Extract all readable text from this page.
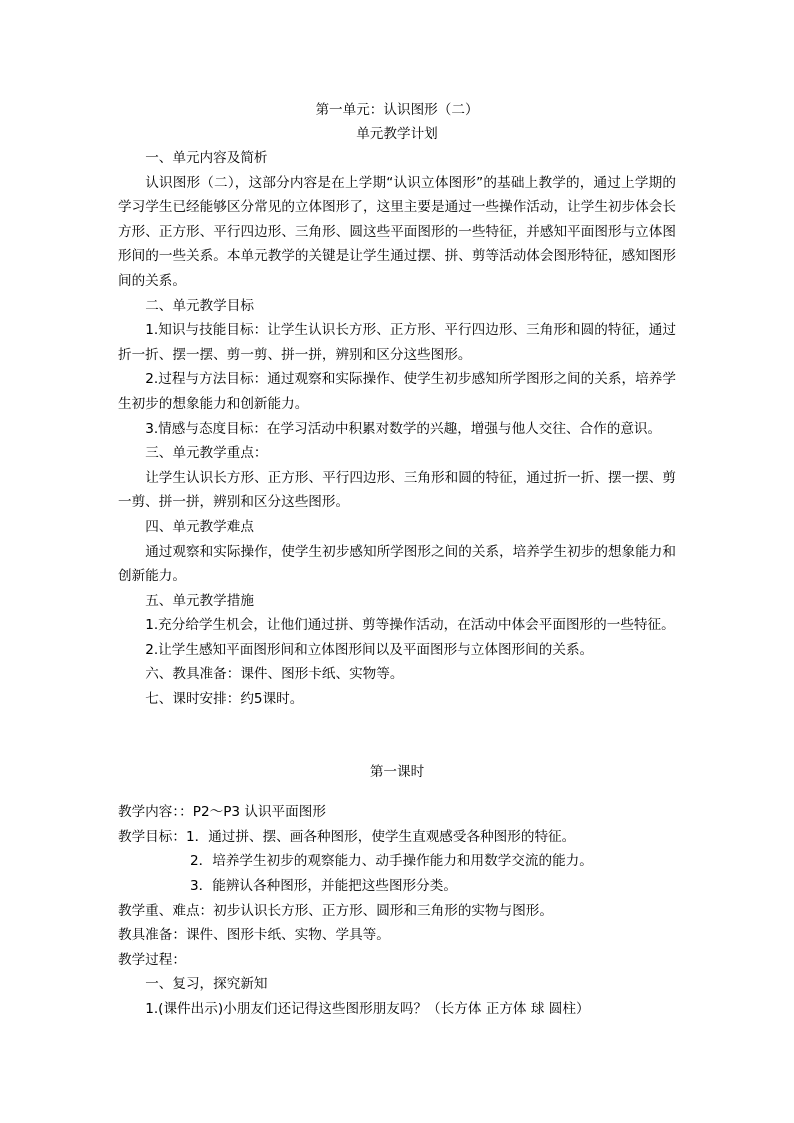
第一单元：认识图形（二）
单元教学计划

一、单元内容及简析

认识图形（二），这部分内容是在上学期“认识立体图形”的基础上教学的，通过上学期的学习学生已经能够区分常见的立体图形了，这里主要是通过一些操作活动，让学生初步体会长方形、正方形、平行四边形、三角形、圆这些平面图形的一些特征，并感知平面图形与立体图形间的一些关系。本单元教学的关键是让学生通过摆、拼、剪等活动体会图形特征，感知图形间的关系。

二、单元教学目标

1.知识与技能目标：让学生认识长方形、正方形、平行四边形、三角形和圆的特征，通过折一折、摆一摆、剪一剪、拼一拼，辨别和区分这些图形。

2.过程与方法目标：通过观察和实际操作、使学生初步感知所学图形之间的关系，培养学生初步的想象能力和创新能力。

3.情感与态度目标：在学习活动中积累对数学的兴趣，增强与他人交往、合作的意识。

三、单元教学重点：

让学生认识长方形、正方形、平行四边形、三角形和圆的特征，通过折一折、摆一摆、剪一剪、拼一拼，辨别和区分这些图形。

四、单元教学难点

通过观察和实际操作，使学生初步感知所学图形之间的关系，培养学生初步的想象能力和创新能力。

五、单元教学措施

1.充分给学生机会，让他们通过拼、剪等操作活动，在活动中体会平面图形的一些特征。

2.让学生感知平面图形间和立体图形间以及平面图形与立体图形间的关系。

六、教具准备：课件、图形卡纸、实物等。

七、课时安排：约5课时。

第一课时

教学内容：：P2～P3 认识平面图形

教学目标：1．通过拼、摆、画各种图形，使学生直观感受各种图形的特征。

2．培养学生初步的观察能力、动手操作能力和用数学交流的能力。

3．能辨认各种图形，并能把这些图形分类。

教学重、难点：初步认识长方形、正方形、圆形和三角形的实物与图形。

教具准备：课件、图形卡纸、实物、学具等。

教学过程：

一、复习，探究新知

1.(课件出示)小朋友们还记得这些图形朋友吗？（长方体 正方体 球 圆柱）
